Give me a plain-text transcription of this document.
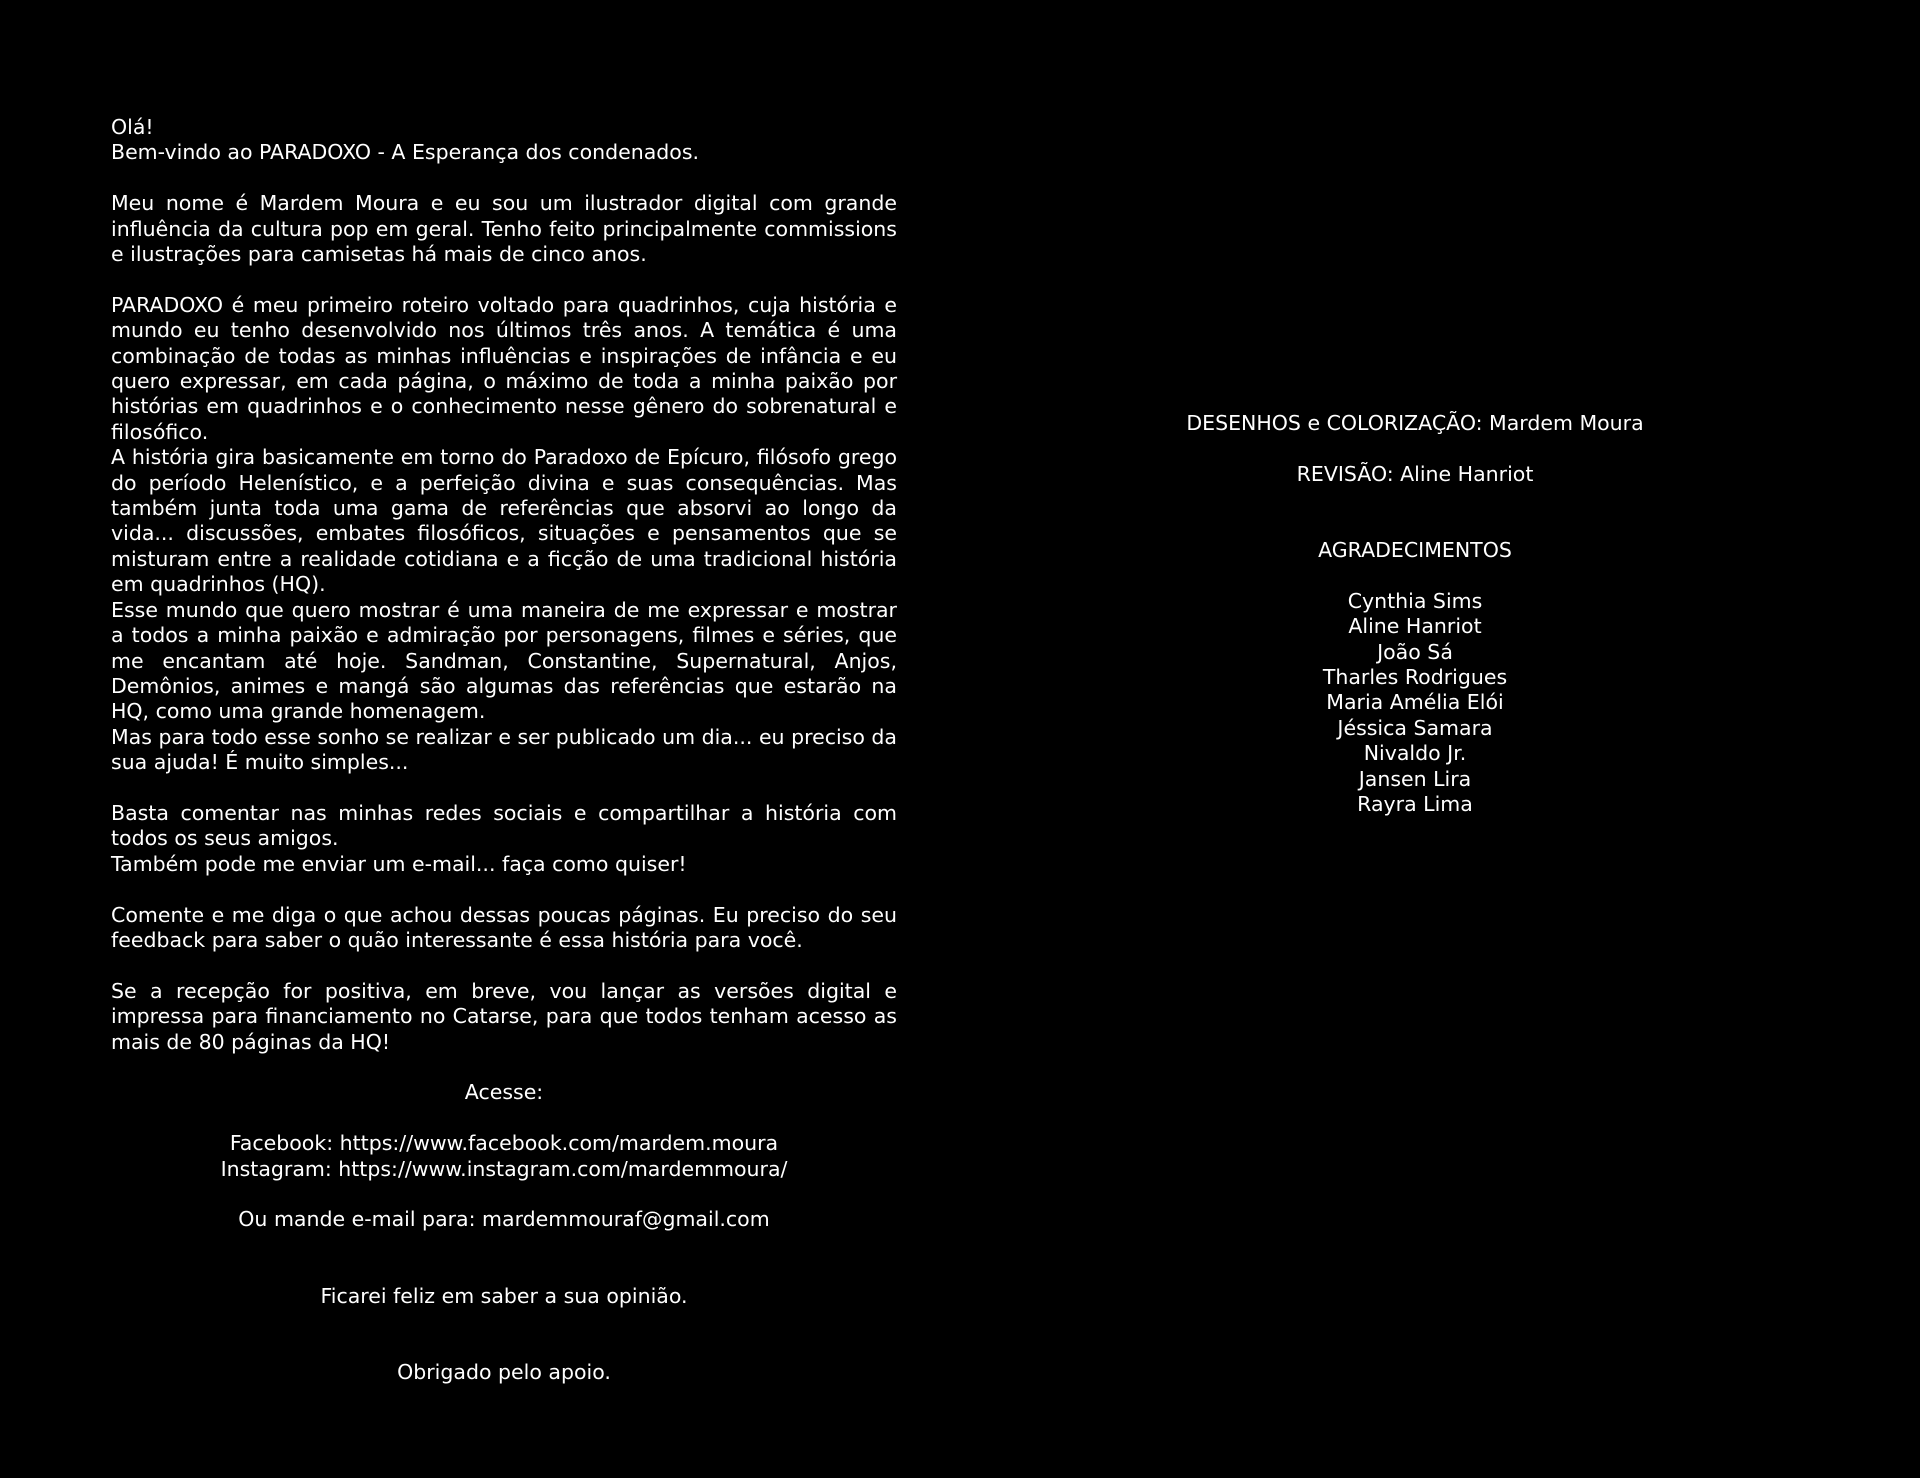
Olá!
Bem-vindo ao PARADOXO - A Esperança dos condenados.

Meu nome é Mardem Moura e eu sou um ilustrador digital com grande influência da cultura pop em geral. Tenho feito principalmente commissions e ilustrações para camisetas há mais de cinco anos.

PARADOXO é meu primeiro roteiro voltado para quadrinhos, cuja história e mundo eu tenho desenvolvido nos últimos três anos. A temática é uma combinação de todas as minhas influências e inspirações de infância e eu quero expressar, em cada página, o máximo de toda a minha paixão por histórias em quadrinhos e o conhecimento nesse gênero do sobrenatural e filosófico.

A história gira basicamente em torno do Paradoxo de Epícuro, filósofo grego do período Helenístico, e a perfeição divina e suas consequências. Mas também junta toda uma gama de referências que absorvi ao longo da vida... discussões, embates filosóficos, situações e pensamentos que se misturam entre a realidade cotidiana e a ficção de uma tradicional história em quadrinhos (HQ).

Esse mundo que quero mostrar é uma maneira de me expressar e mostrar a todos a minha paixão e admiração por personagens, filmes e séries, que me encantam até hoje. Sandman, Constantine, Supernatural, Anjos, Demônios, animes e mangá são algumas das referências que estarão na HQ, como uma grande homenagem.

Mas para todo esse sonho se realizar e ser publicado um dia... eu preciso da sua ajuda! É muito simples...

Basta comentar nas minhas redes sociais e compartilhar a história com todos os seus amigos.

Também pode me enviar um e-mail... faça como quiser!

Comente e me diga o que achou dessas poucas páginas. Eu preciso do seu feedback para saber o quão interessante é essa história para você.

Se a recepção for positiva, em breve, vou lançar as versões digital e impressa para financiamento no Catarse, para que todos tenham acesso as mais de 80 páginas da HQ!

Acesse:
Facebook: https://www.facebook.com/mardem.moura
Instagram: https://www.instagram.com/mardemmoura/
Ou mande e-mail para: mardemmouraf@gmail.com
Ficarei feliz em saber a sua opinião.
Obrigado pelo apoio.
DESENHOS e COLORIZAÇÃO: Mardem Moura
REVISÃO: Aline Hanriot
AGRADECIMENTOS
Cynthia Sims
Aline Hanriot
João Sá
Tharles Rodrigues
Maria Amélia Elói
Jéssica Samara
Nivaldo Jr.
Jansen Lira
Rayra Lima
